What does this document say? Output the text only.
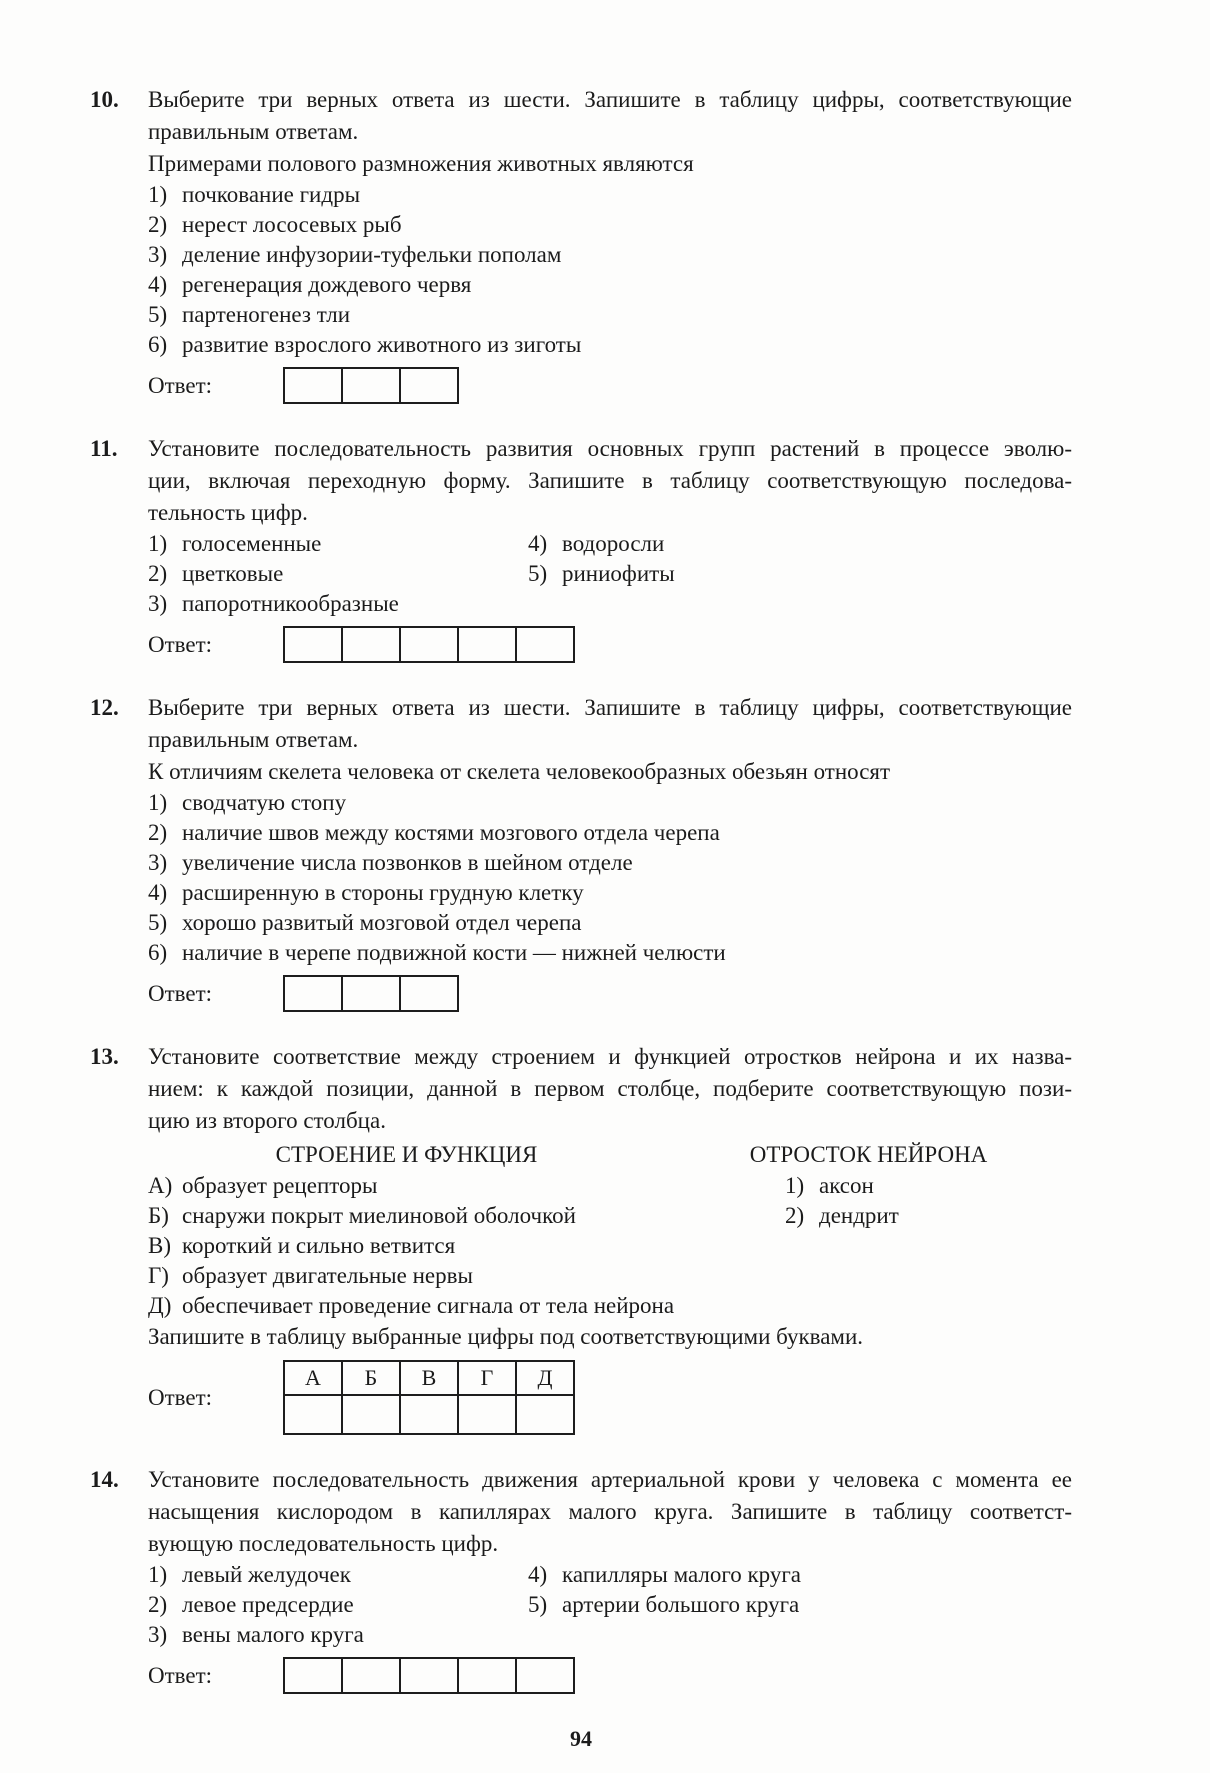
10.	Выберите три верных ответа из шести. Запишите в таблицу цифры, соответствующие
правильным ответам.
Примерами полового размножения животных являются
1) почкование гидры
2) нерест лососевых рыб
3) деление инфузории-туфельки пополам
4) регенерация дождевого червя
5) партеногенез тли
6) развитие взрослого животного из зиготы
Ответ:

11.	Установите последовательность развития основных групп растений в процессе эволю-
ции, включая переходную форму. Запишите в таблицу соответствующую последова-
тельность цифр.
1) голосеменные	4) водоросли
2) цветковые	5) риниофиты
3) папоротникообразные
Ответ:

12.	Выберите три верных ответа из шести. Запишите в таблицу цифры, соответствующие
правильным ответам.
К отличиям скелета человека от скелета человекообразных обезьян относят
1) сводчатую стопу
2) наличие швов между костями мозгового отдела черепа
3) увеличение числа позвонков в шейном отделе
4) расширенную в стороны грудную клетку
5) хорошо развитый мозговой отдел черепа
6) наличие в черепе подвижной кости — нижней челюсти
Ответ:

13.	Установите соответствие между строением и функцией отростков нейрона и их назва-
нием: к каждой позиции, данной в первом столбце, подберите соответствующую пози-
цию из второго столбца.
СТРОЕНИЕ И ФУНКЦИЯ	ОТРОСТОК НЕЙРОНА
А) образует рецепторы
Б) снаружи покрыт миелиновой оболочкой
В) короткий и сильно ветвится
Г) образует двигательные нервы
Д) обеспечивает проведение сигнала от тела нейрона
1) аксон
2) дендрит
Запишите в таблицу выбранные цифры под соответствующими буквами.
Ответ:
А	Б	В	Г	Д

14.	Установите последовательность движения артериальной крови у человека с момента ее
насыщения кислородом в капиллярах малого круга. Запишите в таблицу соответст-
вующую последовательность цифр.
1) левый желудочек	4) капилляры малого круга
2) левое предсердие	5) артерии большого круга
3) вены малого круга
Ответ:

94
